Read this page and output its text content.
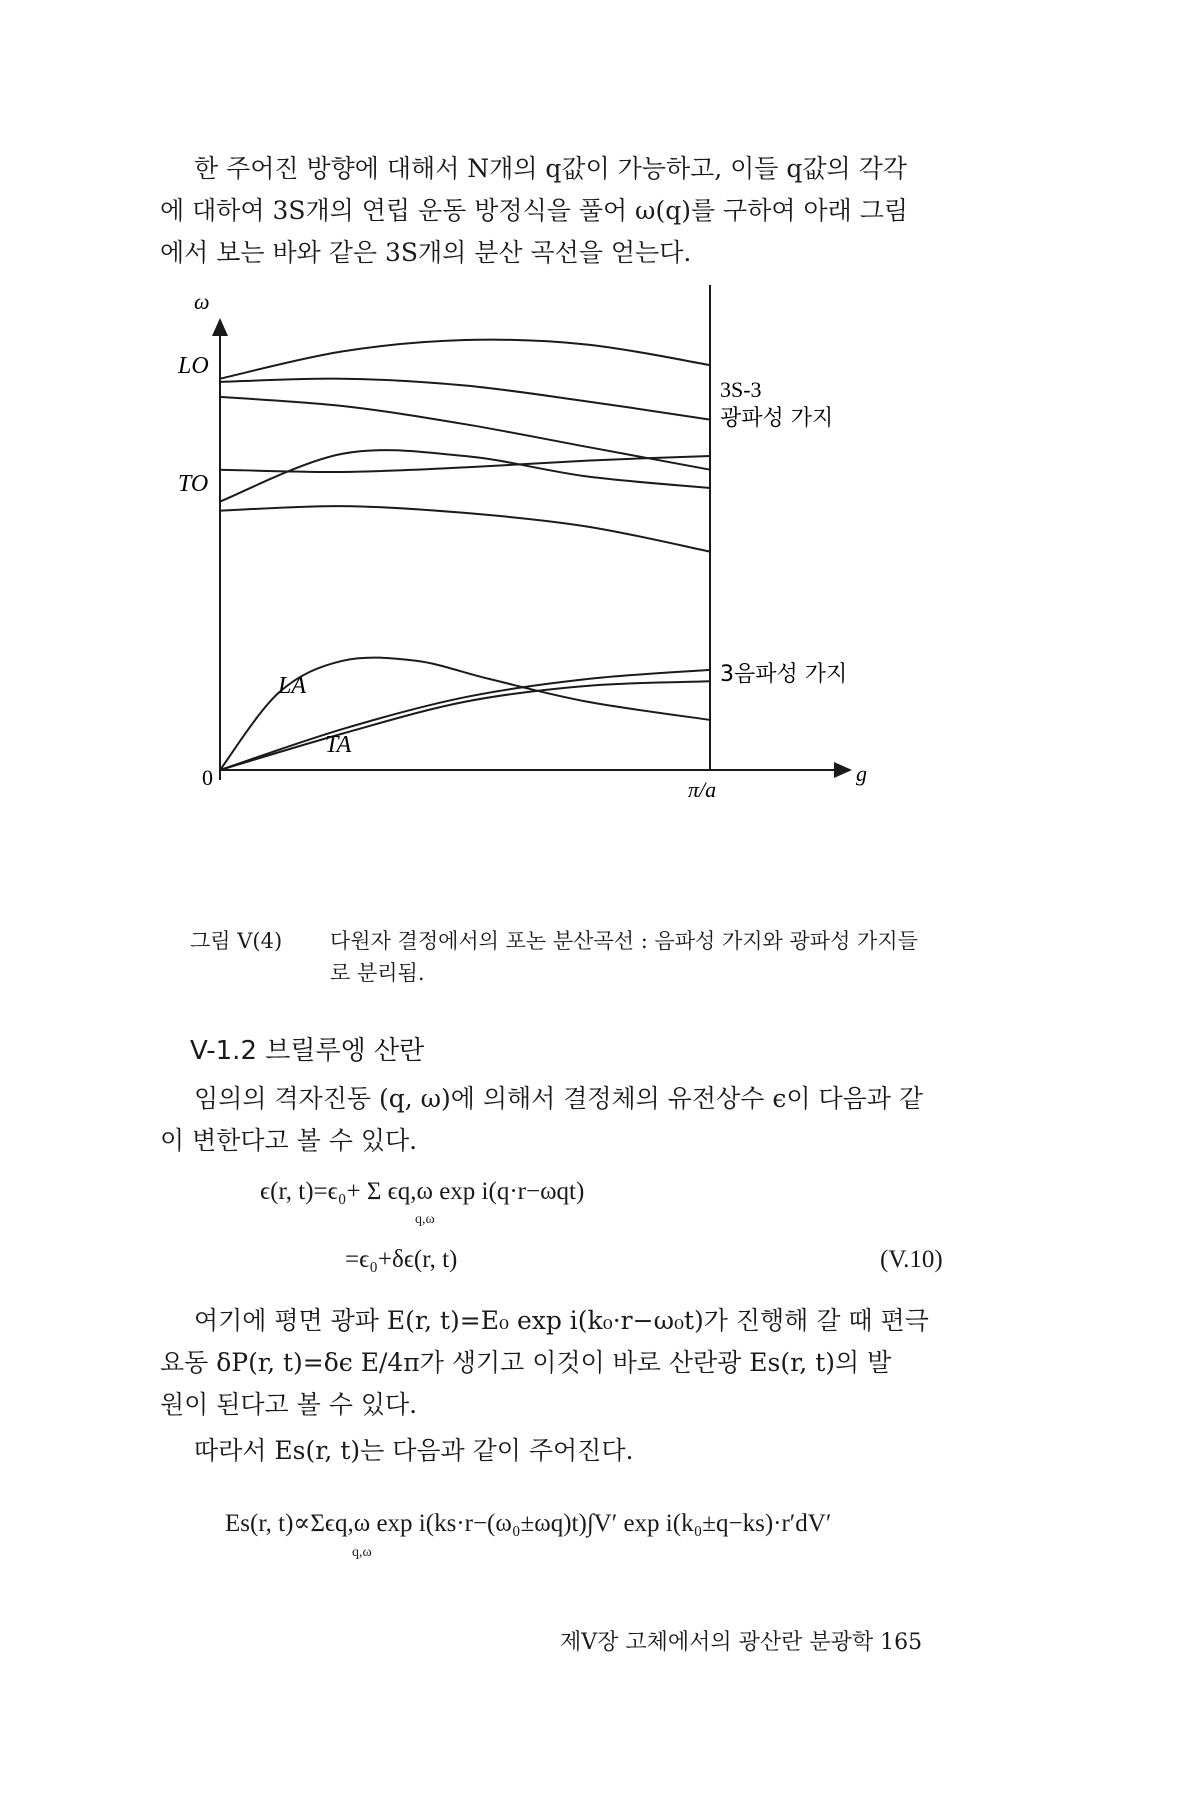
한 주어진 방향에 대해서 N개의 q값이 가능하고, 이들 q값의 각각
에 대하여 3S개의 연립 운동 방정식을 풀어 ω(q)를 구하여 아래 그림
에서 보는 바와 같은 3S개의 분산 곡선을 얻는다.

ω
g
0	π/a
LO
TO
3S-3
광파성 가지
3음파성 가지
LA
TA
그림 V(4) 다원자 결정에서의 포논 분산곡선 : 음파성 가지와 광파성 가지들
로 분리됨.
V-1.2 브릴루엥 산란

임의의 격자진동 (q, ω)에 의해서 결정체의 유전상수 ϵ이 다음과 같
이 변한다고 볼 수 있다.

ϵ(r, t)=ϵ₀+ Σ ϵq,ω exp i(q·r−ωqt)
q,ω
=ϵ₀+δϵ(r, t)	(V.10)

여기에 평면 광파 E(r, t)=E₀ exp i(k₀·r−ω₀t)가 진행해 갈 때 편극
요동 δP(r, t)=δϵ E/4π가 생기고 이것이 바로 산란광 Es(r, t)의 발
원이 된다고 볼 수 있다.

따라서 Es(r, t)는 다음과 같이 주어진다.

Es(r, t)∝Σϵq,ω exp i(ks·r−(ω₀±ωq)t)∫V′ exp i(k₀±q−ks)·r′dV′
q,ω
제V장 고체에서의 광산란 분광학 165
